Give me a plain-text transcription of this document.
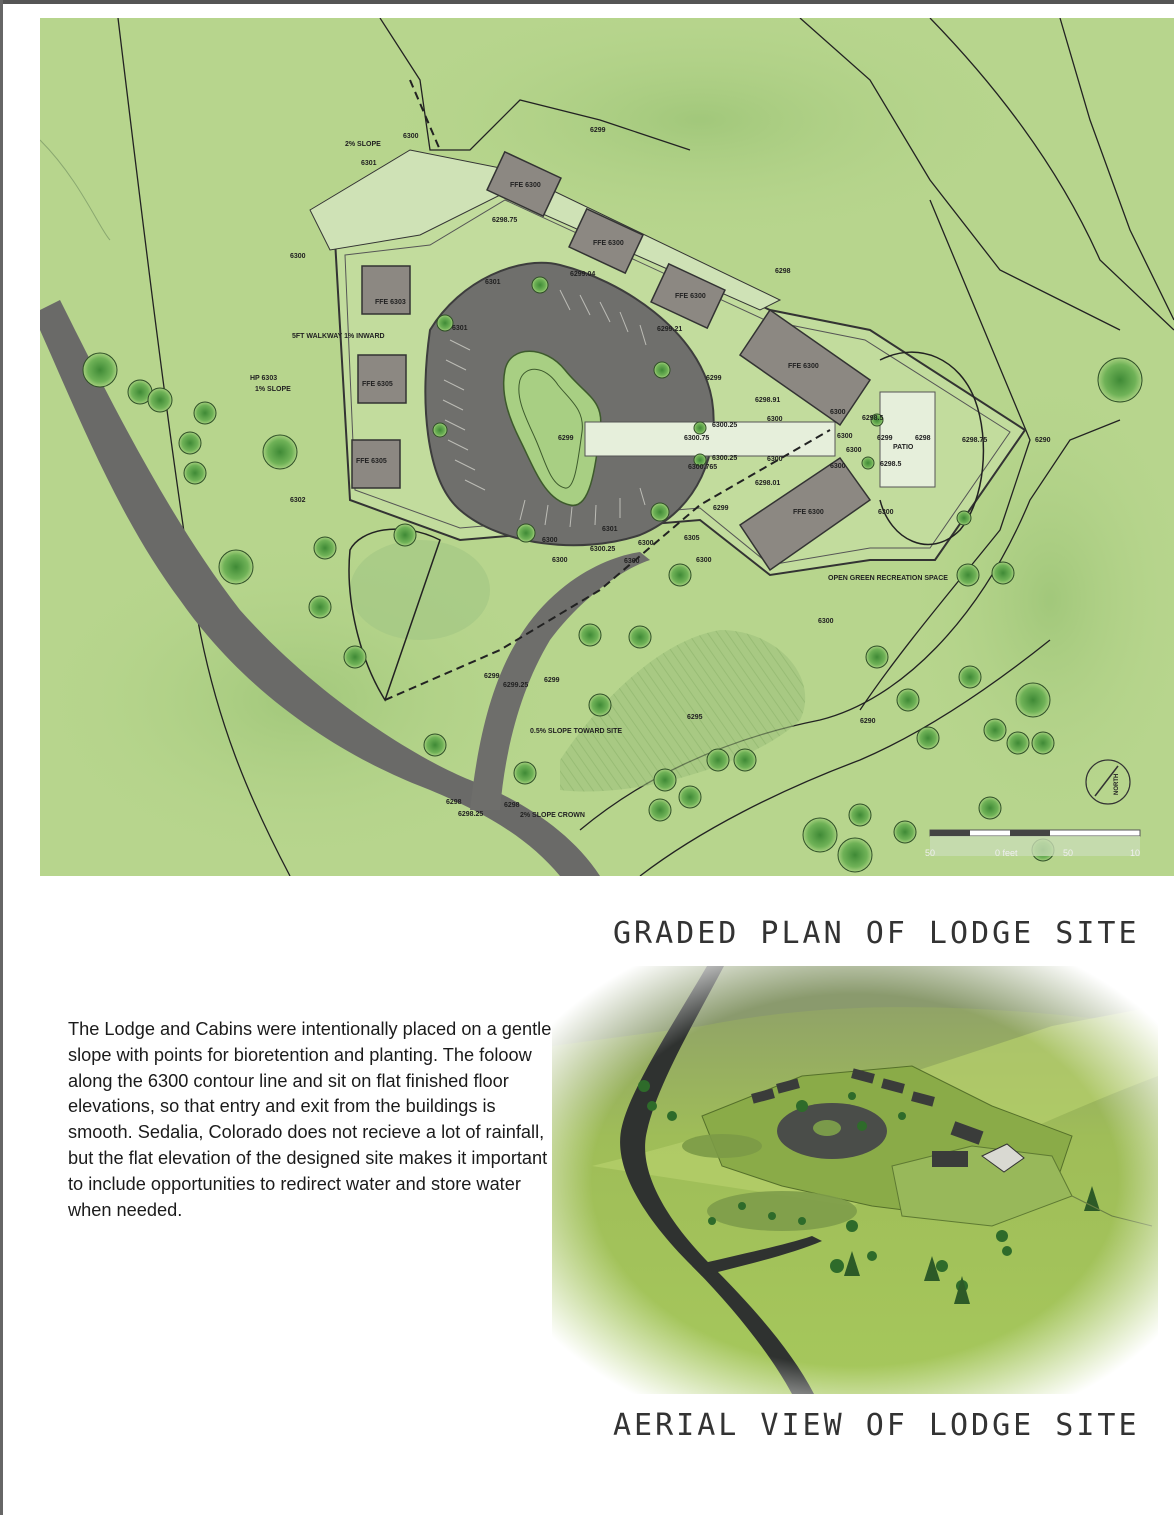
2% SLOPE
5FT WALKWAY 1% INWARD
HP 6303
1% SLOPE
OPEN GREEN RECREATION SPACE
0.5% SLOPE TOWARD SITE
2% SLOPE CROWN
PATIO
FFE 6300
FFE 6300
FFE 6300
FFE 6303
FFE 6305
FFE 6305
FFE 6300
FFE 6300
6299
6300
6301
6300
6302
6298.75
6299.04
6299.21
6298
6301
6301
6299
6299
6300.25
6300.75
6300.25
6300.765
6300
6300
6298.91
6298.01
6299
6301
6300
6300
6300.25
6300
6300	6300
6305
6300
6300
6300
6300
6298.5
6298.5
6299	6298	6298.75	6290
6300
6300
6290
6299
6299.25
6299
6295
6298
6298.25
6298
50	0 feet	50	10
NORTH
GRADED PLAN OF LODGE SITE
The Lodge and Cabins were intentionally placed on a gentle slope with points for bioretention and planting. The foloow along the 6300 contour line and sit on flat finished floor elevations, so that entry and exit from the buildings is smooth. Sedalia, Colorado does not recieve a lot of rainfall, but the flat elevation of the designed site makes it important to include opportunities to redirect water and store water when needed.
AERIAL VIEW OF LODGE SITE
